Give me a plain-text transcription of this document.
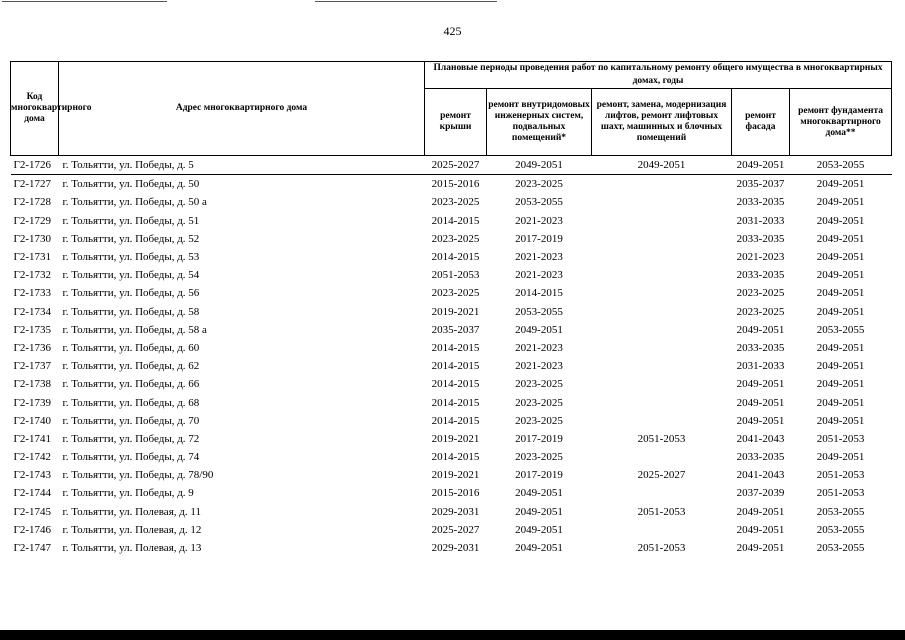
425
Код многоквартирного дома	Адрес многоквартирного дома	Плановые периоды проведения работ по капитальному ремонту общего имущества в многоквартирных домах, годы				
		ремонт крыши	ремонт внутридомовых инженерных систем, подвальных помещений*	ремонт, замена, модернизация лифтов, ремонт лифтовых шахт, машинных и блочных помещений	ремонт фасада	ремонт фундамента многоквартирного дома**
Г2-1726	г. Тольятти, ул. Победы, д. 5	2025-2027	2049-2051	2049-2051	2049-2051	2053-2055
Г2-1727	г. Тольятти, ул. Победы, д. 50	2015-2016	2023-2025		2035-2037	2049-2051
Г2-1728	г. Тольятти, ул. Победы, д. 50 а	2023-2025	2053-2055		2033-2035	2049-2051
Г2-1729	г. Тольятти, ул. Победы, д. 51	2014-2015	2021-2023		2031-2033	2049-2051
Г2-1730	г. Тольятти, ул. Победы, д. 52	2023-2025	2017-2019		2033-2035	2049-2051
Г2-1731	г. Тольятти, ул. Победы, д. 53	2014-2015	2021-2023		2021-2023	2049-2051
Г2-1732	г. Тольятти, ул. Победы, д. 54	2051-2053	2021-2023		2033-2035	2049-2051
Г2-1733	г. Тольятти, ул. Победы, д. 56	2023-2025	2014-2015		2023-2025	2049-2051
Г2-1734	г. Тольятти, ул. Победы, д. 58	2019-2021	2053-2055		2023-2025	2049-2051
Г2-1735	г. Тольятти, ул. Победы, д. 58 а	2035-2037	2049-2051		2049-2051	2053-2055
Г2-1736	г. Тольятти, ул. Победы, д. 60	2014-2015	2021-2023		2033-2035	2049-2051
Г2-1737	г. Тольятти, ул. Победы, д. 62	2014-2015	2021-2023		2031-2033	2049-2051
Г2-1738	г. Тольятти, ул. Победы, д. 66	2014-2015	2023-2025		2049-2051	2049-2051
Г2-1739	г. Тольятти, ул. Победы, д. 68	2014-2015	2023-2025		2049-2051	2049-2051
Г2-1740	г. Тольятти, ул. Победы, д. 70	2014-2015	2023-2025		2049-2051	2049-2051
Г2-1741	г. Тольятти, ул. Победы, д. 72	2019-2021	2017-2019	2051-2053	2041-2043	2051-2053
Г2-1742	г. Тольятти, ул. Победы, д. 74	2014-2015	2023-2025		2033-2035	2049-2051
Г2-1743	г. Тольятти, ул. Победы, д. 78/90	2019-2021	2017-2019	2025-2027	2041-2043	2051-2053
Г2-1744	г. Тольятти, ул. Победы, д. 9	2015-2016	2049-2051		2037-2039	2051-2053
Г2-1745	г. Тольятти, ул. Полевая, д. 11	2029-2031	2049-2051	2051-2053	2049-2051	2053-2055
Г2-1746	г. Тольятти, ул. Полевая, д. 12	2025-2027	2049-2051		2049-2051	2053-2055
Г2-1747	г. Тольятти, ул. Полевая, д. 13	2029-2031	2049-2051	2051-2053	2049-2051	2053-2055
